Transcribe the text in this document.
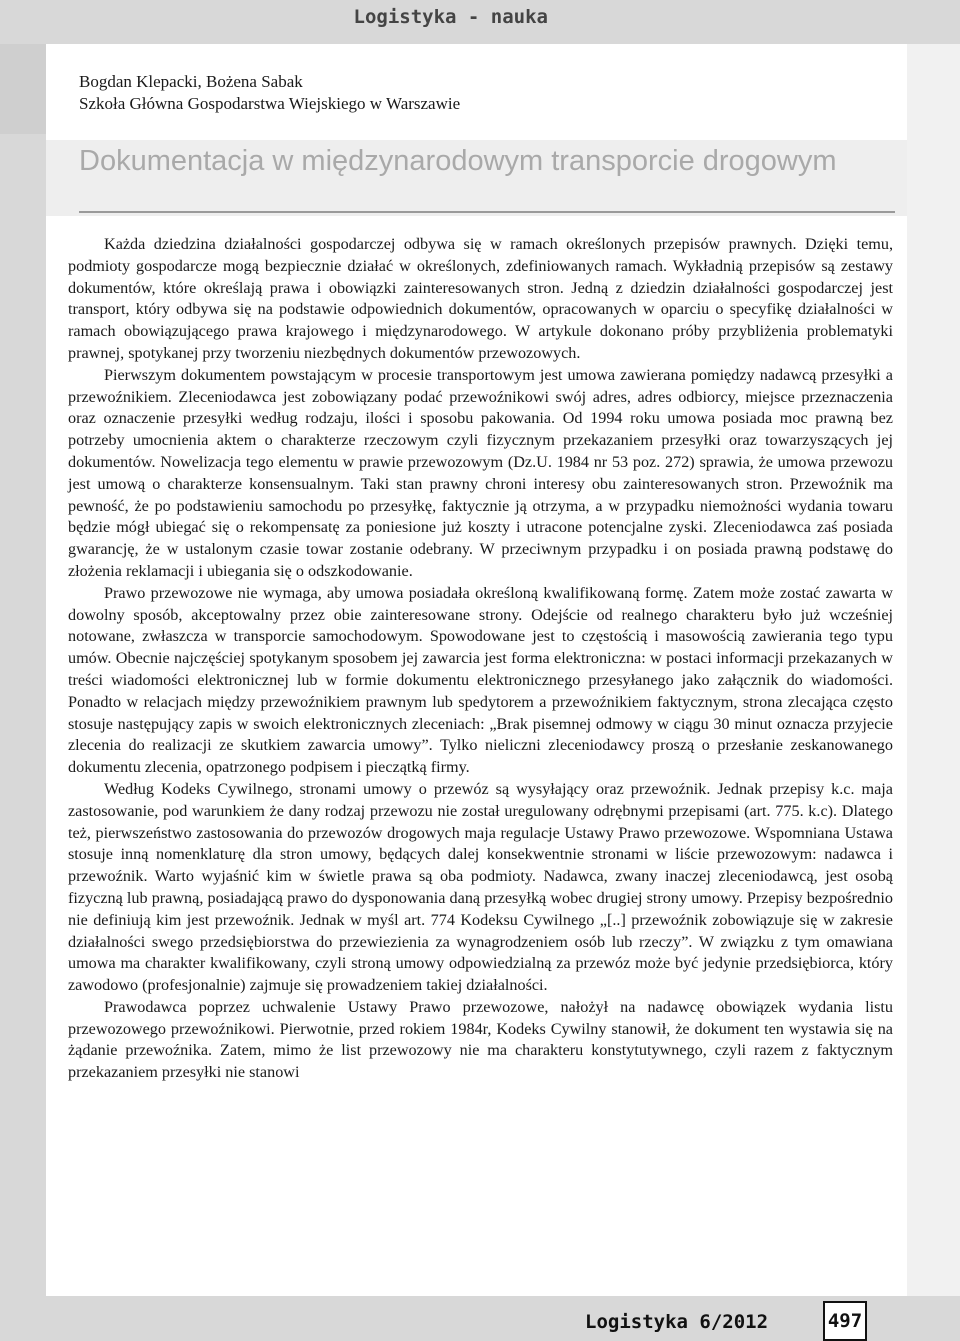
Logistyka - nauka
Bogdan Klepacki, Bożena Sabak
Szkoła Główna Gospodarstwa Wiejskiego w Warszawie
Dokumentacja w międzynarodowym transporcie drogowym

Każda dziedzina działalności gospodarczej odbywa się w ramach określonych przepisów prawnych. Dzięki temu, podmioty gospodarcze mogą bezpiecznie działać w określonych, zdefiniowanych ramach. Wykładnią przepisów są zestawy dokumentów, które określają prawa i obowiązki zainteresowanych stron. Jedną z dziedzin działalności gospodarczej jest transport, który odbywa się na podstawie odpowiednich dokumentów, opracowanych w oparciu o specyfikę działalności w ramach obowiązującego prawa krajowego i międzynarodowego. W artykule dokonano próby przybliżenia problematyki prawnej, spotykanej przy tworzeniu niezbędnych dokumentów przewozowych.

Pierwszym dokumentem powstającym w procesie transportowym jest umowa zawierana pomiędzy nadawcą przesyłki a przewoźnikiem. Zleceniodawca jest zobowiązany podać przewoźnikowi swój adres, adres odbiorcy, miejsce przeznaczenia oraz oznaczenie przesyłki według rodzaju, ilości i sposobu pakowania. Od 1994 roku umowa posiada moc prawną bez potrzeby umocnienia aktem o charakterze rzeczowym czyli fizycznym przekazaniem przesyłki oraz towarzyszących jej dokumentów. Nowelizacja tego elementu w prawie przewozowym (Dz.U. 1984 nr 53 poz. 272) sprawia, że umowa przewozu jest umową o charakterze konsensualnym. Taki stan prawny chroni interesy obu zainteresowanych stron. Przewoźnik ma pewność, że po podstawieniu samochodu po przesyłkę, faktycznie ją otrzyma, a w przypadku niemożności wydania towaru będzie mógł ubiegać się o rekompensatę za poniesione już koszty i utracone potencjalne zyski. Zleceniodawca zaś posiada gwarancję, że w ustalonym czasie towar zostanie odebrany. W przeciwnym przypadku i on posiada prawną podstawę do złożenia reklamacji i ubiegania się o odszkodowanie.

Prawo przewozowe nie wymaga, aby umowa posiadała określoną kwalifikowaną formę. Zatem może zostać zawarta w dowolny sposób, akceptowalny przez obie zainteresowane strony. Odejście od realnego charakteru było już wcześniej notowane, zwłaszcza w transporcie samochodowym. Spowodowane jest to częstością i masowością zawierania tego typu umów. Obecnie najczęściej spotykanym sposobem jej zawarcia jest forma elektroniczna: w postaci informacji przekazanych w treści wiadomości elektronicznej lub w formie dokumentu elektronicznego przesyłanego jako załącznik do wiadomości. Ponadto w relacjach między przewoźnikiem prawnym lub spedytorem a przewoźnikiem faktycznym, strona zlecająca często stosuje następujący zapis w swoich elektronicznych zleceniach: „Brak pisemnej odmowy w ciągu 30 minut oznacza przyjecie zlecenia do realizacji ze skutkiem zawarcia umowy”. Tylko nieliczni zleceniodawcy proszą o przesłanie zeskanowanego dokumentu zlecenia, opatrzonego podpisem i pieczątką firmy.

Według Kodeks Cywilnego, stronami umowy o przewóz są wysyłający oraz przewoźnik. Jednak przepisy k.c. maja zastosowanie, pod warunkiem że dany rodzaj przewozu nie został uregulowany odrębnymi przepisami (art. 775. k.c). Dlatego też, pierwszeństwo zastosowania do przewozów drogowych maja regulacje Ustawy Prawo przewozowe. Wspomniana Ustawa stosuje inną nomenklaturę dla stron umowy, będących dalej konsekwentnie stronami w liście przewozowym: nadawca i przewoźnik. Warto wyjaśnić kim w świetle prawa są oba podmioty. Nadawca, zwany inaczej zleceniodawcą, jest osobą fizyczną lub prawną, posiadającą prawo do dysponowania daną przesyłką wobec drugiej strony umowy. Przepisy bezpośrednio nie definiują kim jest przewoźnik. Jednak w myśl art. 774 Kodeksu Cywilnego „[..] przewoźnik zobowiązuje się w zakresie działalności swego przedsiębiorstwa do przewiezienia za wynagrodzeniem osób lub rzeczy”. W związku z tym omawiana umowa ma charakter kwalifikowany, czyli stroną umowy odpowiedzialną za przewóz może być jedynie przedsiębiorca, który zawodowo (profesjonalnie) zajmuje się prowadzeniem takiej działalności.

Prawodawca poprzez uchwalenie Ustawy Prawo przewozowe, nałożył na nadawcę obowiązek wydania listu przewozowego przewoźnikowi. Pierwotnie, przed rokiem 1984r, Kodeks Cywilny stanowił, że dokument ten wystawia się na żądanie przewoźnika. Zatem, mimo że list przewozowy nie ma charakteru konstytutywnego, czyli razem z faktycznym przekazaniem przesyłki nie stanowi

Logistyka 6/2012	497
